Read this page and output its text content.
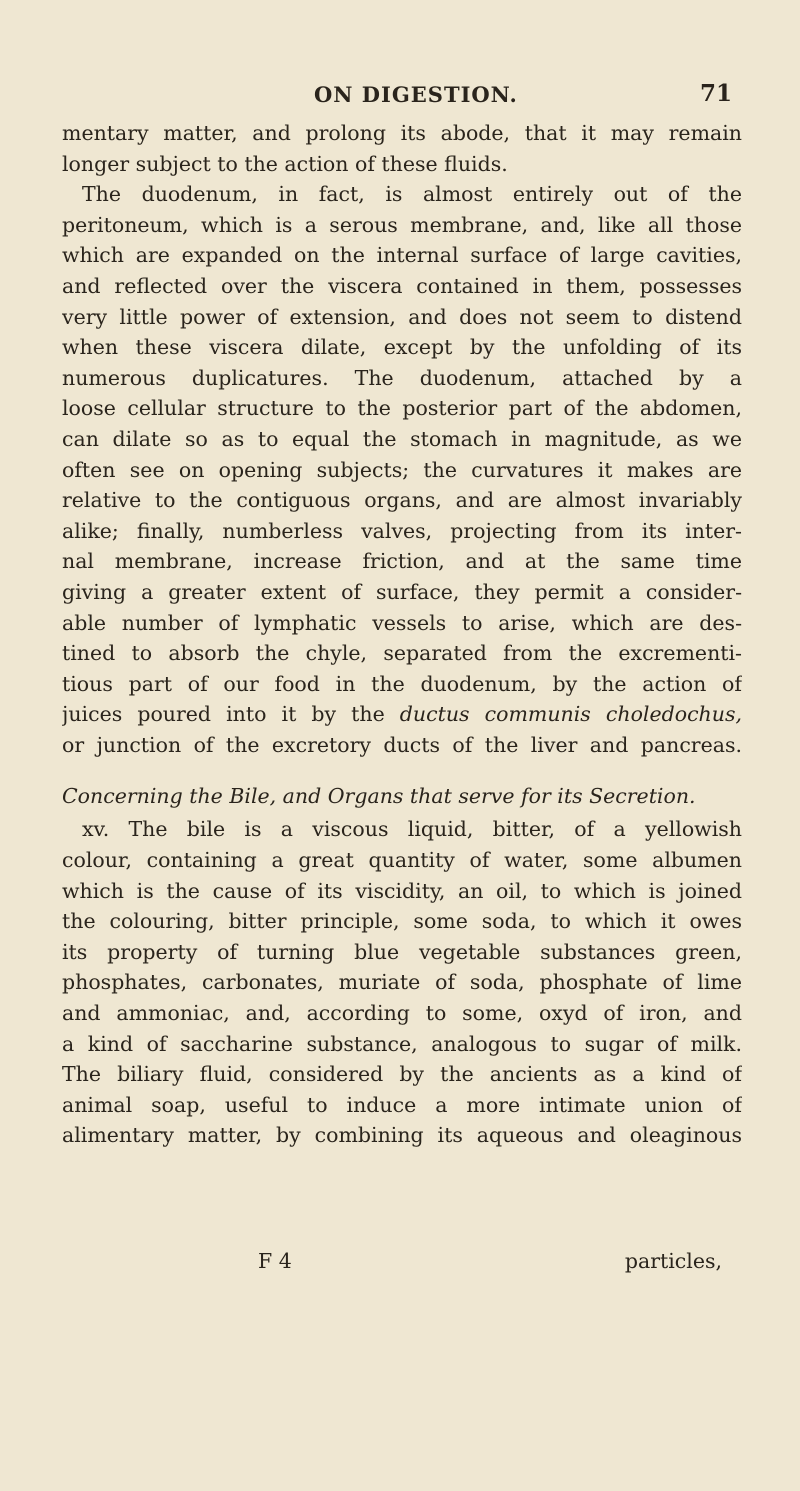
ON DIGESTION.	71
mentary matter, and prolong its abode, that it may remain
longer subject to the action of these fluids.
The duodenum, in fact, is almost entirely out of the
peritoneum, which is a serous membrane, and, like all those
which are expanded on the internal surface of large cavities,
and reflected over the viscera contained in them, possesses
very little power of extension, and does not seem to distend
when these viscera dilate, except by the unfolding of its
numerous duplicatures. The duodenum, attached by a
loose cellular structure to the posterior part of the abdomen,
can dilate so as to equal the stomach in magnitude, as we
often see on opening subjects; the curvatures it makes are
relative to the contiguous organs, and are almost invariably
alike; finally, numberless valves, projecting from its inter-
nal membrane, increase friction, and at the same time
giving a greater extent of surface, they permit a consider-
able number of lymphatic vessels to arise, which are des-
tined to absorb the chyle, separated from the excrementi-
tious part of our food in the duodenum, by the action of
juices poured into it by the ductus communis choledochus,
or junction of the excretory ducts of the liver and pancreas.
Concerning the Bile, and Organs that serve for its Secretion.
xv. The bile is a viscous liquid, bitter, of a yellowish
colour, containing a great quantity of water, some albumen
which is the cause of its viscidity, an oil, to which is joined
the colouring, bitter principle, some soda, to which it owes
its property of turning blue vegetable substances green,
phosphates, carbonates, muriate of soda, phosphate of lime
and ammoniac, and, according to some, oxyd of iron, and
a kind of saccharine substance, analogous to sugar of milk.
The biliary fluid, considered by the ancients as a kind of
animal soap, useful to induce a more intimate union of
alimentary matter, by combining its aqueous and oleaginous
F 4	particles,
